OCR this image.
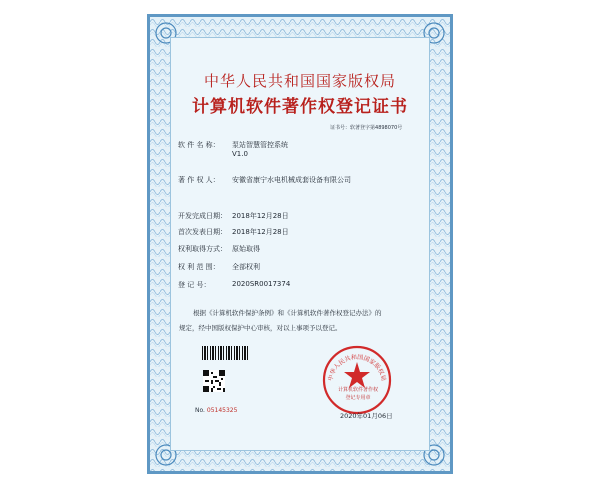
中华人民共和国国家版权局
计算机软件著作权登记证书
证书号：软著登字第4898070号
软 件 名 称： 泵站智慧管控系统
V1.0
著 作 权 人： 安徽省康宁水电机械成套设备有限公司
开发完成日期： 2018年12月28日
首次发表日期： 2018年12月28日
权利取得方式： 原始取得
权 利 范 围： 全部权利
登 记 号：	2020SR0017374
根据《计算机软件保护条例》和《计算机软件著作权登记办法》的
规定，经中国版权保护中心审核，对以上事项予以登记。
No. 05145325
中华人民共和国国家版权局
计算机软件著作权
登记专用章
2020年01月06日
